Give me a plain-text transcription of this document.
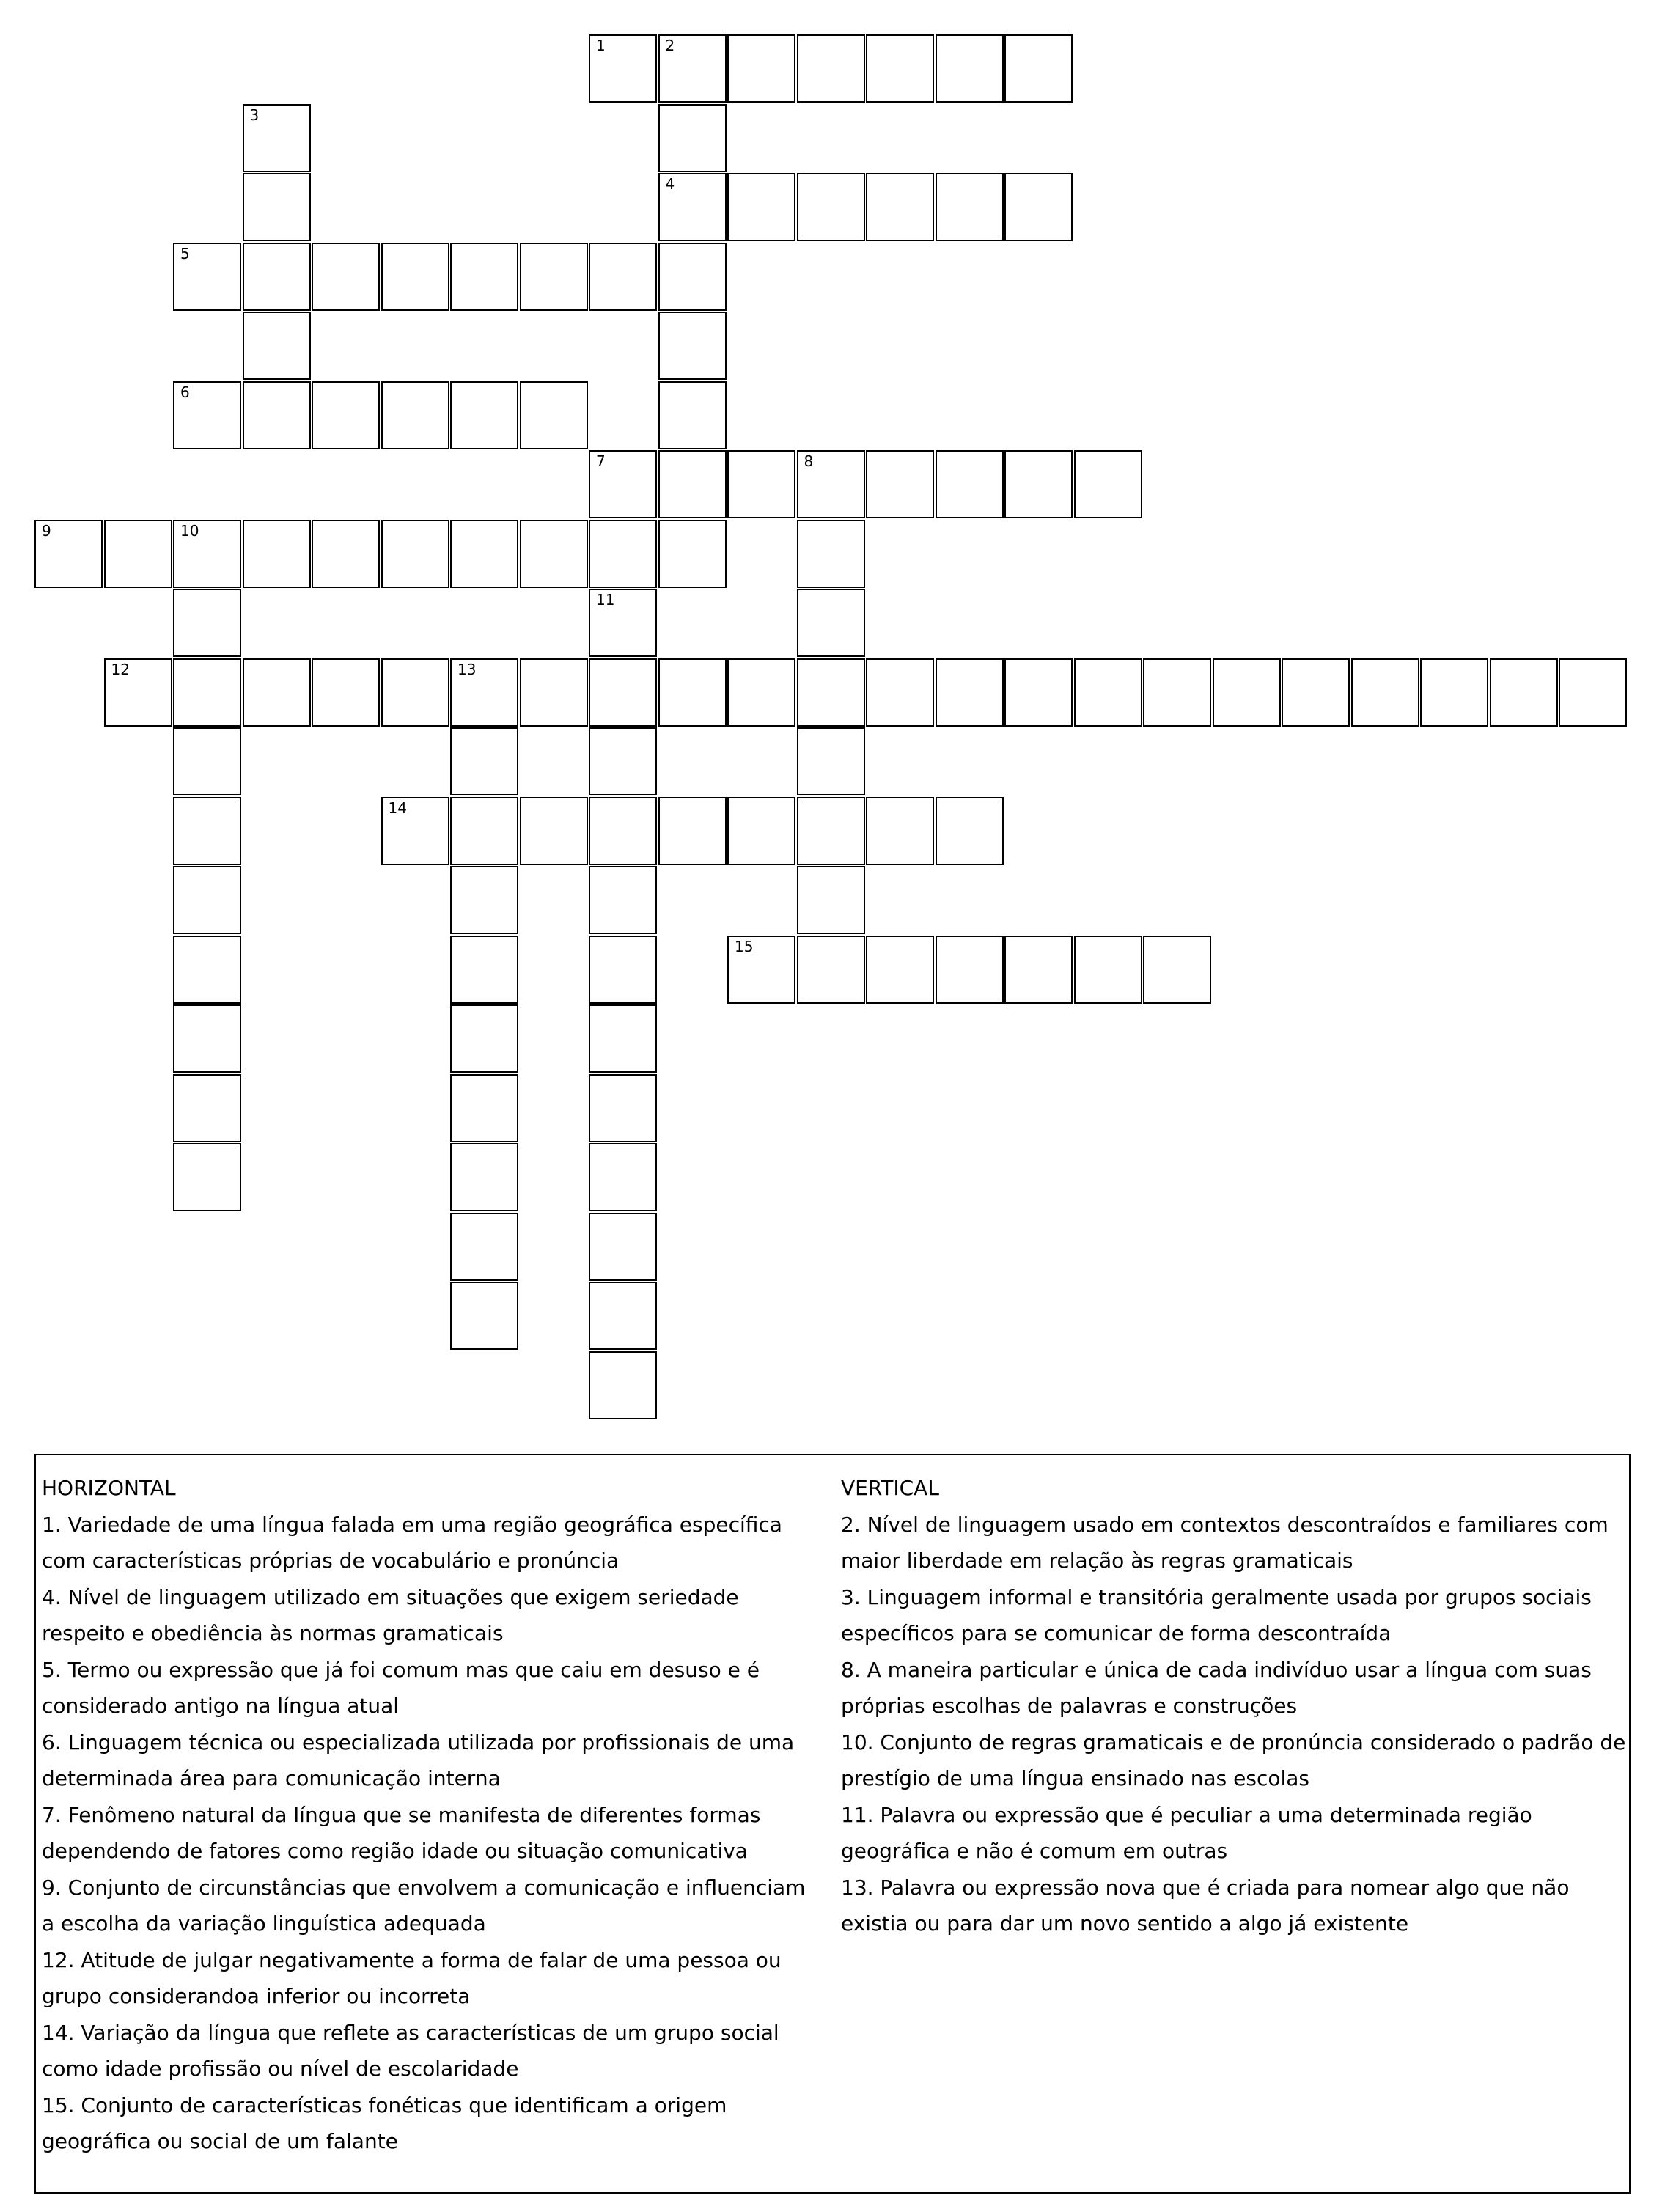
1	2
4
3
5
6
7	8
9	10
11
12	13
14
15
HORIZONTAL
1. Variedade de uma língua falada em uma região geográfica específica com características próprias de vocabulário e pronúncia
4. Nível de linguagem utilizado em situações que exigem seriedade respeito e obediência às normas gramaticais
5. Termo ou expressão que já foi comum mas que caiu em desuso e é considerado antigo na língua atual
6. Linguagem técnica ou especializada utilizada por profissionais de uma determinada área para comunicação interna
7. Fenômeno natural da língua que se manifesta de diferentes formas dependendo de fatores como região idade ou situação comunicativa
9. Conjunto de circunstâncias que envolvem a comunicação e influenciam a escolha da variação linguística adequada
12. Atitude de julgar negativamente a forma de falar de uma pessoa ou grupo considerandoa inferior ou incorreta
14. Variação da língua que reflete as características de um grupo social como idade profissão ou nível de escolaridade
15. Conjunto de características fonéticas que identificam a origem geográfica ou social de um falante
VERTICAL
2. Nível de linguagem usado em contextos descontraídos e familiares com maior liberdade em relação às regras gramaticais
3. Linguagem informal e transitória geralmente usada por grupos sociais específicos para se comunicar de forma descontraída
8. A maneira particular e única de cada indivíduo usar a língua com suas próprias escolhas de palavras e construções
10. Conjunto de regras gramaticais e de pronúncia considerado o padrão de prestígio de uma língua ensinado nas escolas
11. Palavra ou expressão que é peculiar a uma determinada região geográfica e não é comum em outras
13. Palavra ou expressão nova que é criada para nomear algo que não existia ou para dar um novo sentido a algo já existente
